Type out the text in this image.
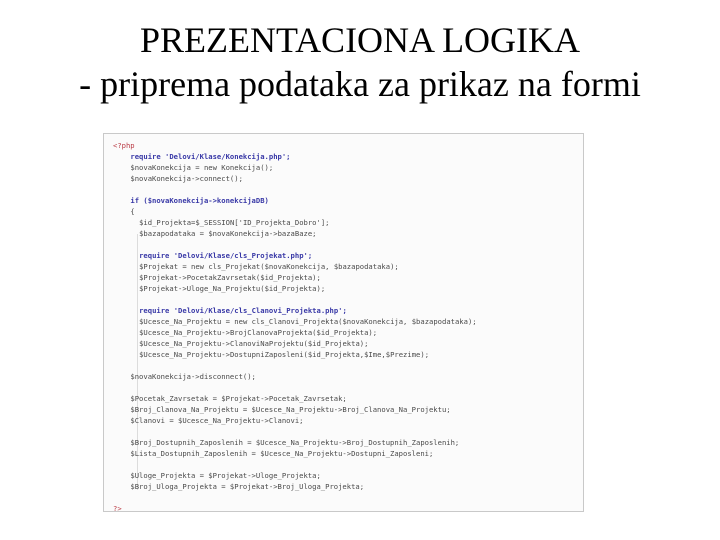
PREZENTACIONA LOGIKA
- priprema podataka za prikaz na formi
<?php
require 'Delovi/Klase/Konekcija.php';
$novaKonekcija = new Konekcija();
$novaKonekcija->connect();
if ($novaKonekcija->konekcijaDB)
{
$id_Projekta=$_SESSION['ID_Projekta_Dobro'];
$bazapodataka = $novaKonekcija->bazaBaze;
require 'Delovi/Klase/cls_Projekat.php';
$Projekat = new cls_Projekat($novaKonekcija, $bazapodataka);
$Projekat->PocetakZavrsetak($id_Projekta);
$Projekat->Uloge_Na_Projektu($id_Projekta);
require 'Delovi/Klase/cls_Clanovi_Projekta.php';
$Ucesce_Na_Projektu = new cls_Clanovi_Projekta($novaKonekcija, $bazapodataka);
$Ucesce_Na_Projektu->BrojClanovaProjekta($id_Projekta);
$Ucesce_Na_Projektu->ClanoviNaProjektu($id_Projekta);
$Ucesce_Na_Projektu->DostupniZaposleni($id_Projekta,$Ime,$Prezime);
$novaKonekcija->disconnect();
$Pocetak_Zavrsetak = $Projekat->Pocetak_Zavrsetak;
$Broj_Clanova_Na_Projektu = $Ucesce_Na_Projektu->Broj_Clanova_Na_Projektu;
$Clanovi = $Ucesce_Na_Projektu->Clanovi;
$Broj_Dostupnih_Zaposlenih = $Ucesce_Na_Projektu->Broj_Dostupnih_Zaposlenih;
$Lista_Dostupnih_Zaposlenih = $Ucesce_Na_Projektu->Dostupni_Zaposleni;
$Uloge_Projekta = $Projekat->Uloge_Projekta;
$Broj_Uloga_Projekta = $Projekat->Broj_Uloga_Projekta;
?>
